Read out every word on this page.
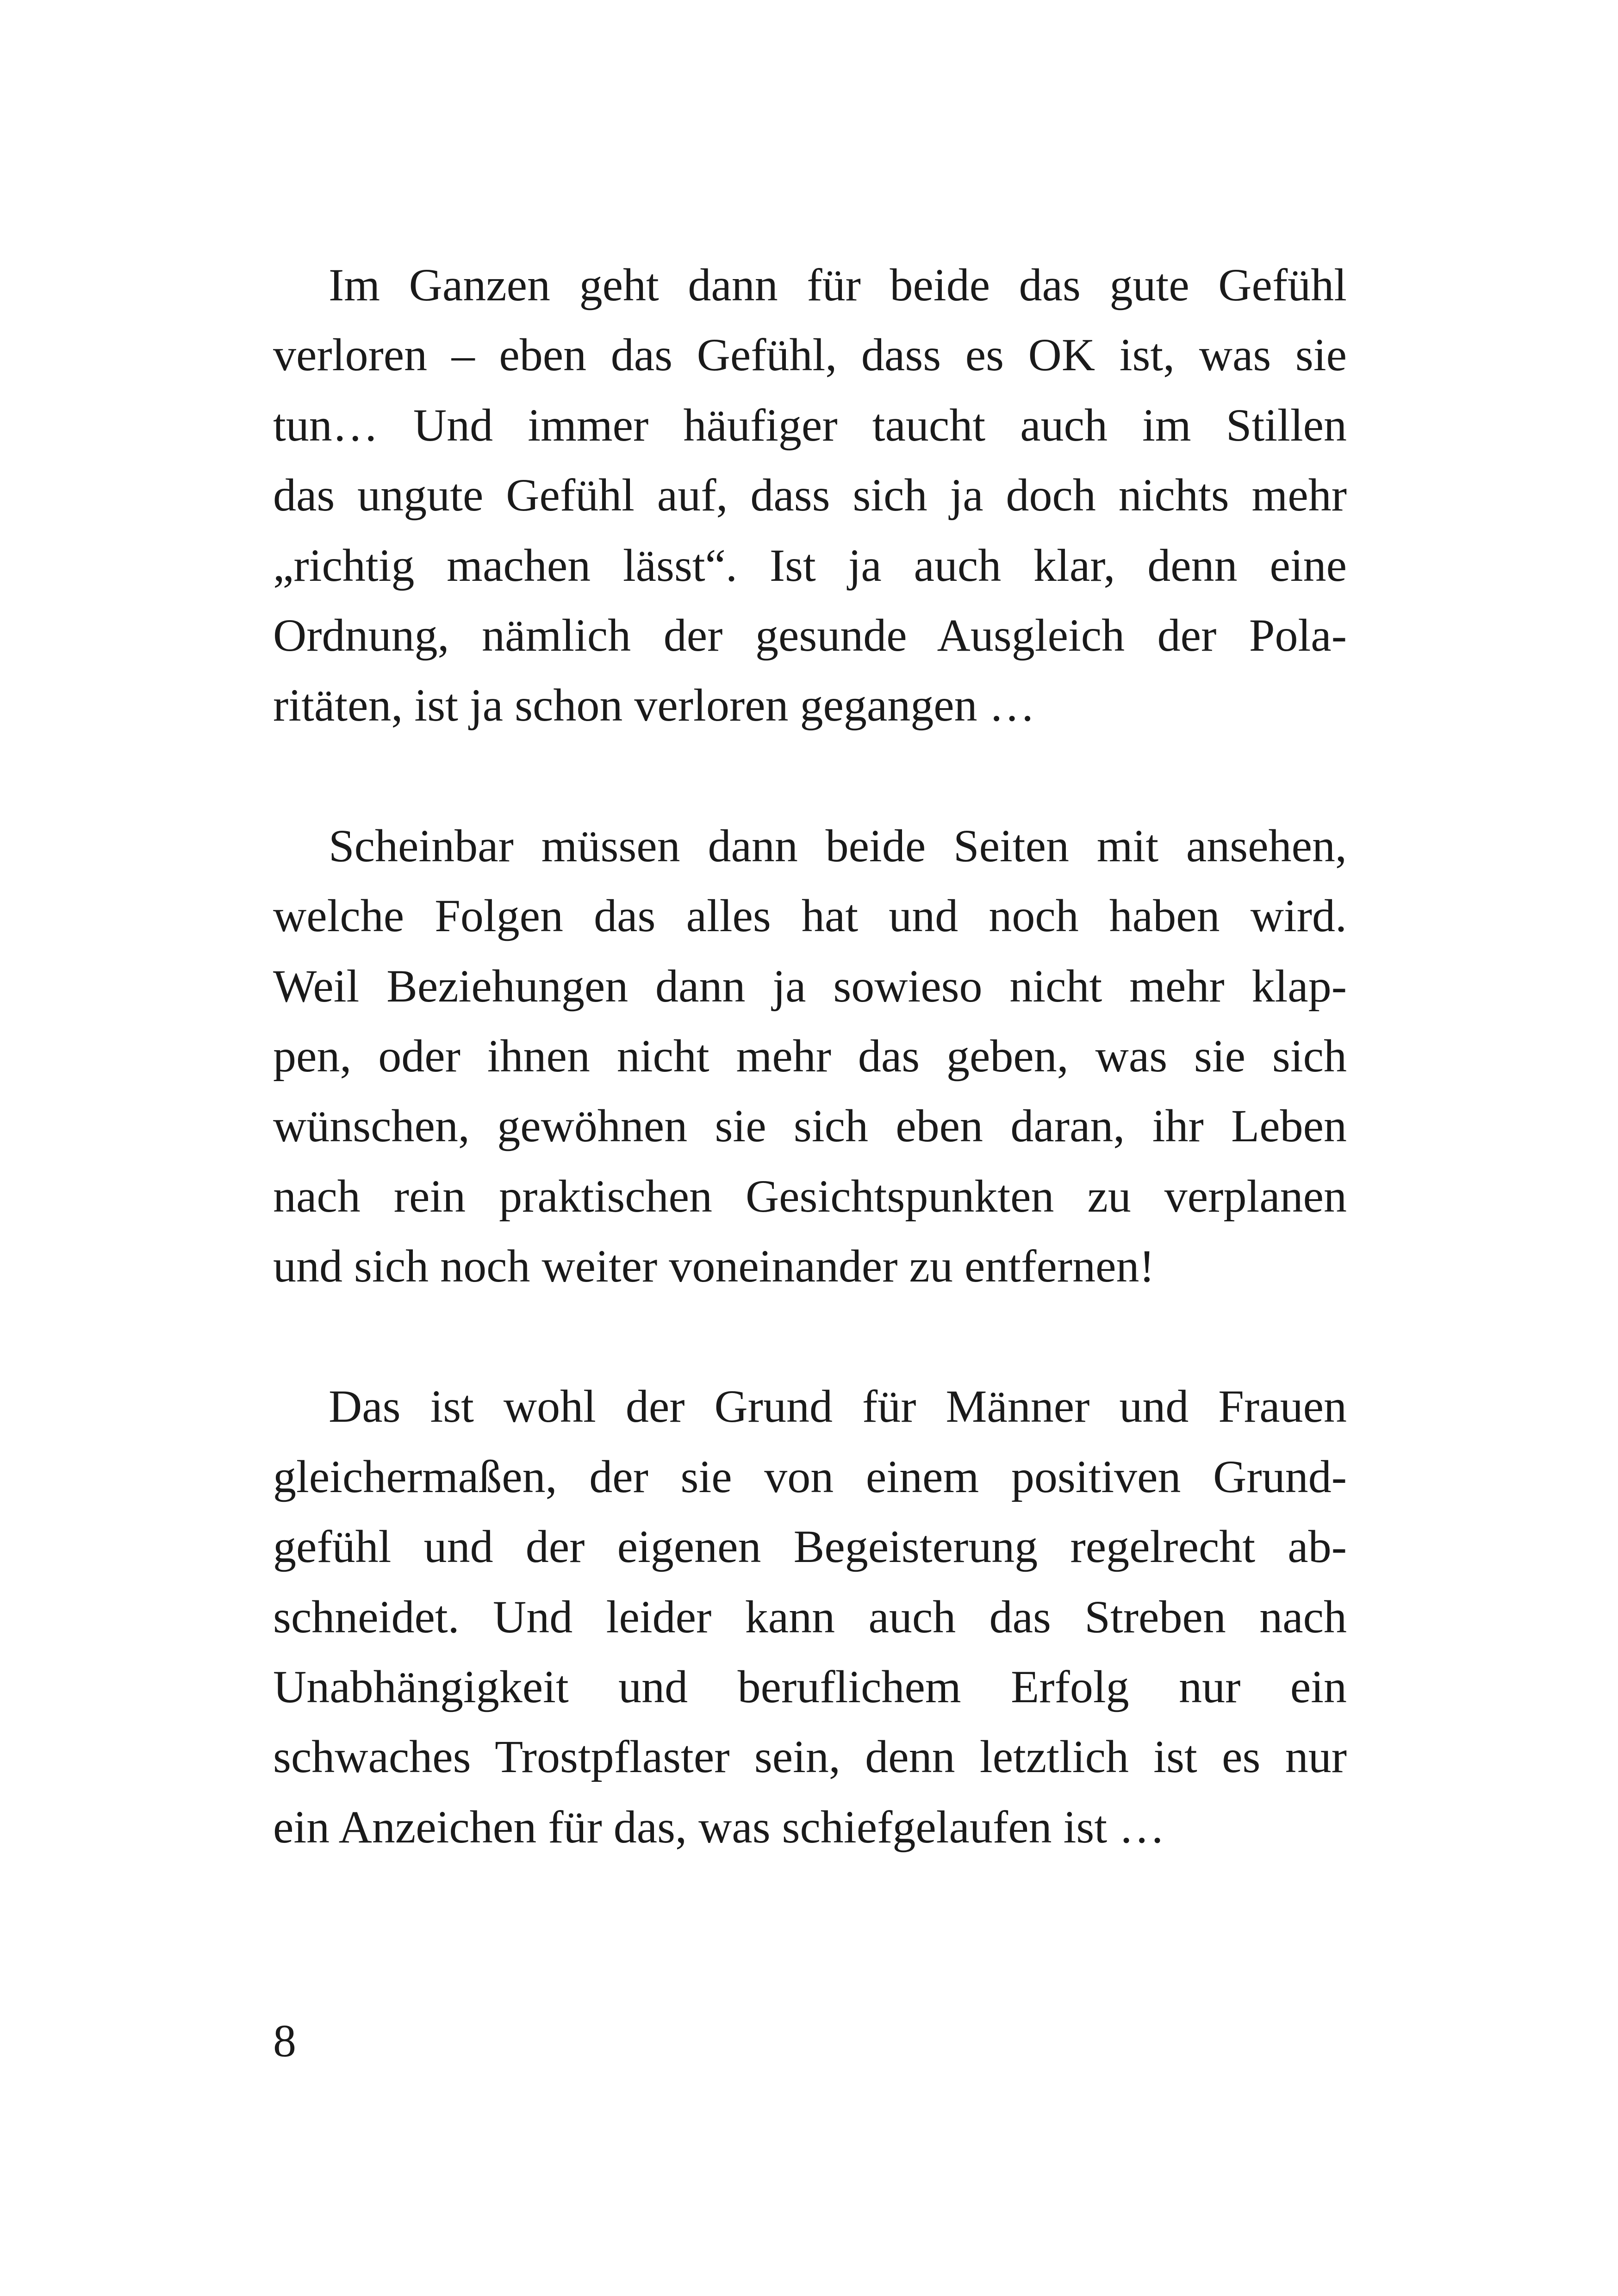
Im Ganzen geht dann für beide das gute Gefühl
verloren – eben das Gefühl, dass es OK ist, was sie
tun… Und immer häufiger taucht auch im Stillen
das ungute Gefühl auf, dass sich ja doch nichts mehr
„richtig machen lässt“. Ist ja auch klar, denn eine
Ordnung, nämlich der gesunde Ausgleich der Pola-
ritäten, ist ja schon verloren gegangen …

Scheinbar müssen dann beide Seiten mit ansehen,
welche Folgen das alles hat und noch haben wird.
Weil Beziehungen dann ja sowieso nicht mehr klap-
pen, oder ihnen nicht mehr das geben, was sie sich
wünschen, gewöhnen sie sich eben daran, ihr Leben
nach rein praktischen Gesichtspunkten zu verplanen
und sich noch weiter voneinander zu entfernen!

Das ist wohl der Grund für Männer und Frauen
gleichermaßen, der sie von einem positiven Grund-
gefühl und der eigenen Begeisterung regelrecht ab-
schneidet. Und leider kann auch das Streben nach
Unabhängigkeit und beruflichem Erfolg nur ein
schwaches Trostpflaster sein, denn letztlich ist es nur
ein Anzeichen für das, was schiefgelaufen ist …

8
